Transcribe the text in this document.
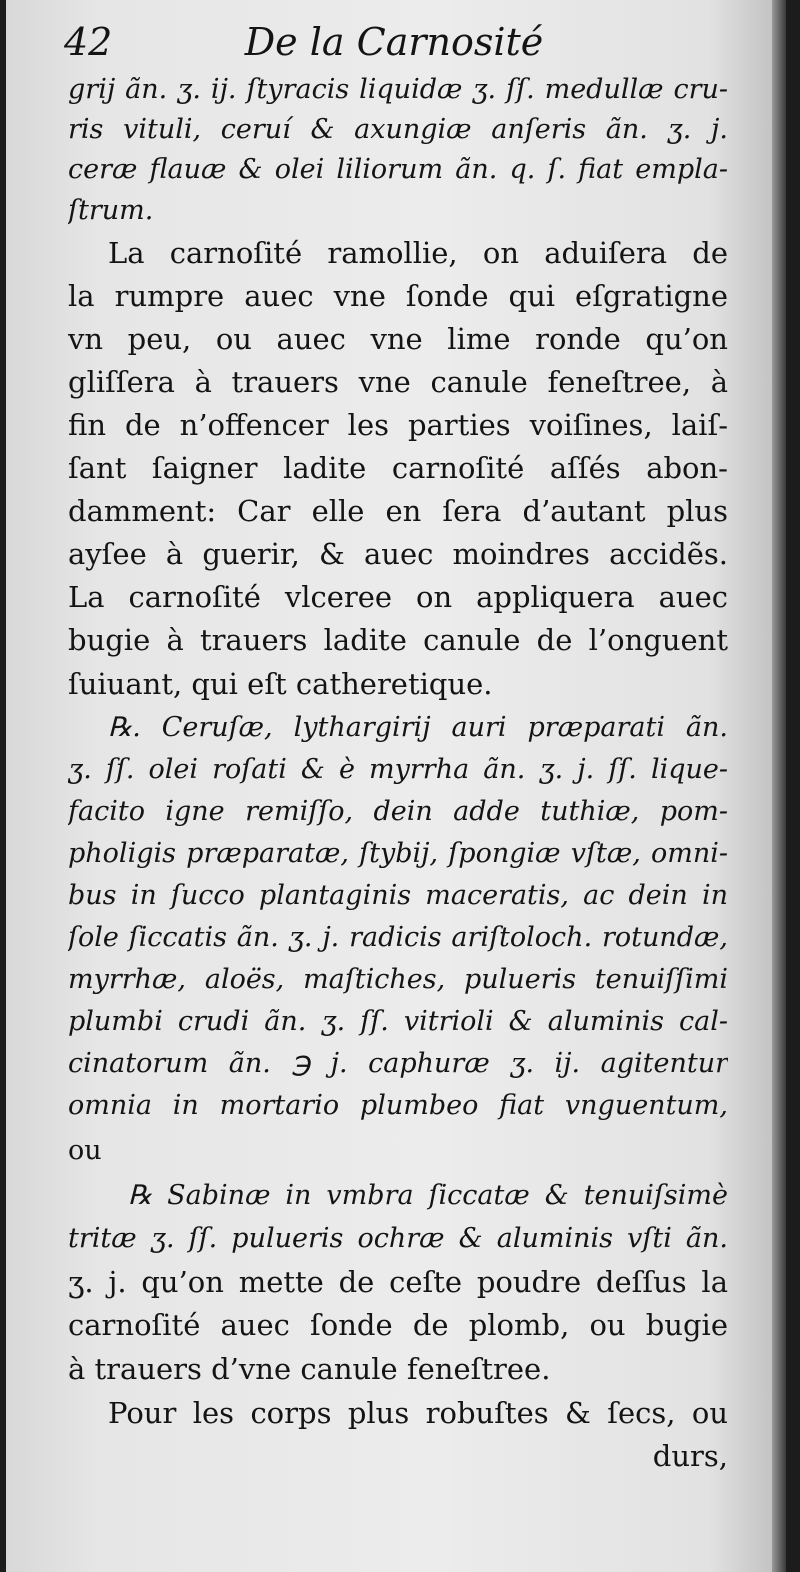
42	De la Carnosité
grij ãn. ʒ. ij. ſtyracis liquidæ ʒ. ſſ. medullæ cru-
ris vituli, ceruí & axungiæ anſeris ãn. ʒ. j.
ceræ flauæ & olei liliorum ãn. q. ſ. fiat empla-
ſtrum.
La carnoſité ramollie, on aduiſera de
la rumpre auec vne ſonde qui eſgratigne
vn peu, ou auec vne lime ronde qu’on
gliſſera à trauers vne canule feneſtree, à
fin de n’offencer les parties voiſines, laiſ-
ſant ſaigner ladite carnoſité aſſés abon-
damment: Car elle en ſera d’autant plus
ayſee à guerir, & auec moindres accidẽs.
La carnoſité vlceree on appliquera auec
bugie à trauers ladite canule de l’onguent
ſuiuant, qui eſt catheretique.
℞. Ceruſæ, lythargirij auri præparati ãn.
ʒ. ſſ. olei roſati & è myrrha ãn. ʒ. j. ſſ. lique-
facito igne remiſſo, dein adde tuthiæ, pom-
pholigis præparatæ, ſtybij, ſpongiæ vſtæ, omni-
bus in ſucco plantaginis maceratis, ac dein in
ſole ſiccatis ãn. ʒ. j. radicis ariſtoloch. rotundæ,
myrrhæ, aloës, maſtiches, pulueris tenuiſſimi
plumbi crudi ãn. ʒ. ſſ. vitrioli & aluminis cal-
cinatorum ãn. ℈ j. caphuræ ʒ. ij. agitentur
omnia in mortario plumbeo fiat vnguentum,
ou
℞ Sabinæ in vmbra ſiccatæ & tenuiſsimè
tritæ ʒ. ſſ. pulueris ochræ & aluminis vſti ãn.
ʒ. j. qu’on mette de ceſte poudre deſſus la
carnoſité auec ſonde de plomb, ou bugie
à trauers d’vne canule feneſtree.
Pour les corps plus robuſtes & ſecs, ou
durs,
